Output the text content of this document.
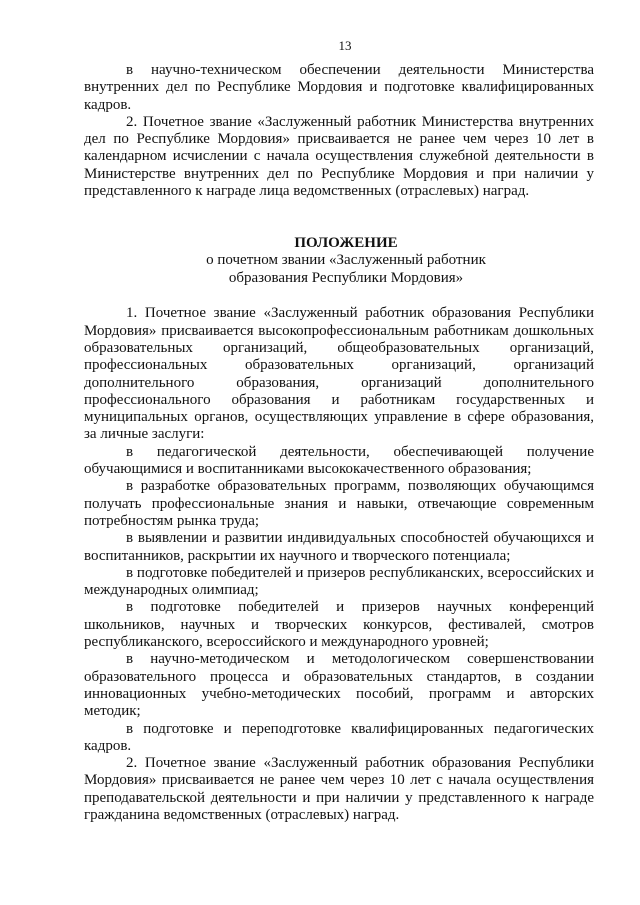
13

в научно-техническом обеспечении деятельности Министерства внутренних дел по Республике Мордовия и подготовке квалифицированных кадров.

2. Почетное звание «Заслуженный работник Министерства внутренних дел по Республике Мордовия» присваивается не ранее чем через 10 лет в календарном исчислении с начала осуществления служебной деятельности в Министерстве внутренних дел по Республике Мордовия и при наличии у представленного к награде лица ведомственных (отраслевых) наград.

ПОЛОЖЕНИЕ
о почетном звании «Заслуженный работник
образования Республики Мордовия»

1. Почетное звание «Заслуженный работник образования Республики Мордовия» присваивается высокопрофессиональным работникам дошкольных образовательных организаций, общеобразовательных организаций, профессиональных образовательных организаций, организаций дополнительного образования, организаций дополнительного профессионального образования и работникам государственных и муниципальных органов, осуществляющих управление в сфере образования, за личные заслуги:

в педагогической деятельности, обеспечивающей получение обучающимися и воспитанниками высококачественного образования;

в разработке образовательных программ, позволяющих обучающимся получать профессиональные знания и навыки, отвечающие современным потребностям рынка труда;

в выявлении и развитии индивидуальных способностей обучающихся и воспитанников, раскрытии их научного и творческого потенциала;

в подготовке победителей и призеров республиканских, всероссийских и международных олимпиад;

в подготовке победителей и призеров научных конференций школьников, научных и творческих конкурсов, фестивалей, смотров республиканского, всероссийского и международного уровней;

в научно-методическом и методологическом совершенствовании образовательного процесса и образовательных стандартов, в создании инновационных учебно-методических пособий, программ и авторских методик;

в подготовке и переподготовке квалифицированных педагогических кадров.

2. Почетное звание «Заслуженный работник образования Республики Мордовия» присваивается не ранее чем через 10 лет с начала осуществления преподавательской деятельности и при наличии у представленного к награде гражданина ведомственных (отраслевых) наград.
